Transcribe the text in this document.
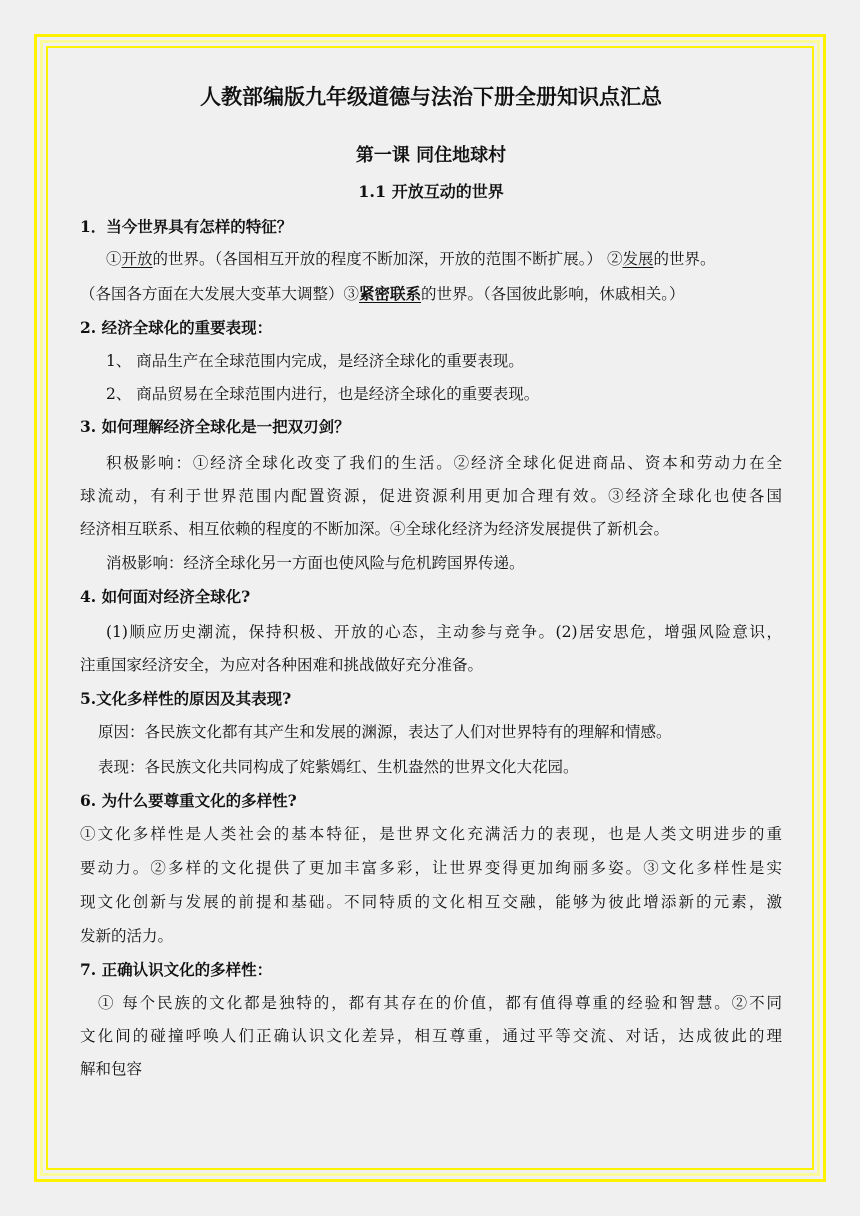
人教部编版九年级道德与法治下册全册知识点汇总
第一课 同住地球村
1.1 开放互动的世界
1．当今世界具有怎样的特征？
①开放的世界。（各国相互开放的程度不断加深，开放的范围不断扩展。） ②发展的世界。
（各国各方面在大发展大变革大调整）③紧密联系的世界。（各国彼此影响，休戚相关。）
2. 经济全球化的重要表现：
1、 商品生产在全球范围内完成，是经济全球化的重要表现。
2、 商品贸易在全球范围内进行，也是经济全球化的重要表现。
3. 如何理解经济全球化是一把双刃剑？
积极影响：①经济全球化改变了我们的生活。②经济全球化促进商品、资本和劳动力在全
球流动，有利于世界范围内配置资源，促进资源利用更加合理有效。③经济全球化也使各国
经济相互联系、相互依赖的程度的不断加深。④全球化经济为经济发展提供了新机会。
消极影响：经济全球化另一方面也使风险与危机跨国界传递。
4. 如何面对经济全球化?
(1)顺应历史潮流，保持积极、开放的心态，主动参与竞争。(2)居安思危，增强风险意识，
注重国家经济安全，为应对各种困难和挑战做好充分准备。
5.文化多样性的原因及其表现?
原因：各民族文化都有其产生和发展的渊源，表达了人们对世界特有的理解和情感。
表现：各民族文化共同构成了姹紫嫣红、生机盎然的世界文化大花园。
6. 为什么要尊重文化的多样性?
①文化多样性是人类社会的基本特征，是世界文化充满活力的表现，也是人类文明进步的重
要动力。②多样的文化提供了更加丰富多彩，让世界变得更加绚丽多姿。③文化多样性是实
现文化创新与发展的前提和基础。不同特质的文化相互交融，能够为彼此增添新的元素，激
发新的活力。
7. 正确认识文化的多样性：
① 每个民族的文化都是独特的，都有其存在的价值，都有值得尊重的经验和智慧。②不同
文化间的碰撞呼唤人们正确认识文化差异，相互尊重，通过平等交流、对话，达成彼此的理
解和包容
